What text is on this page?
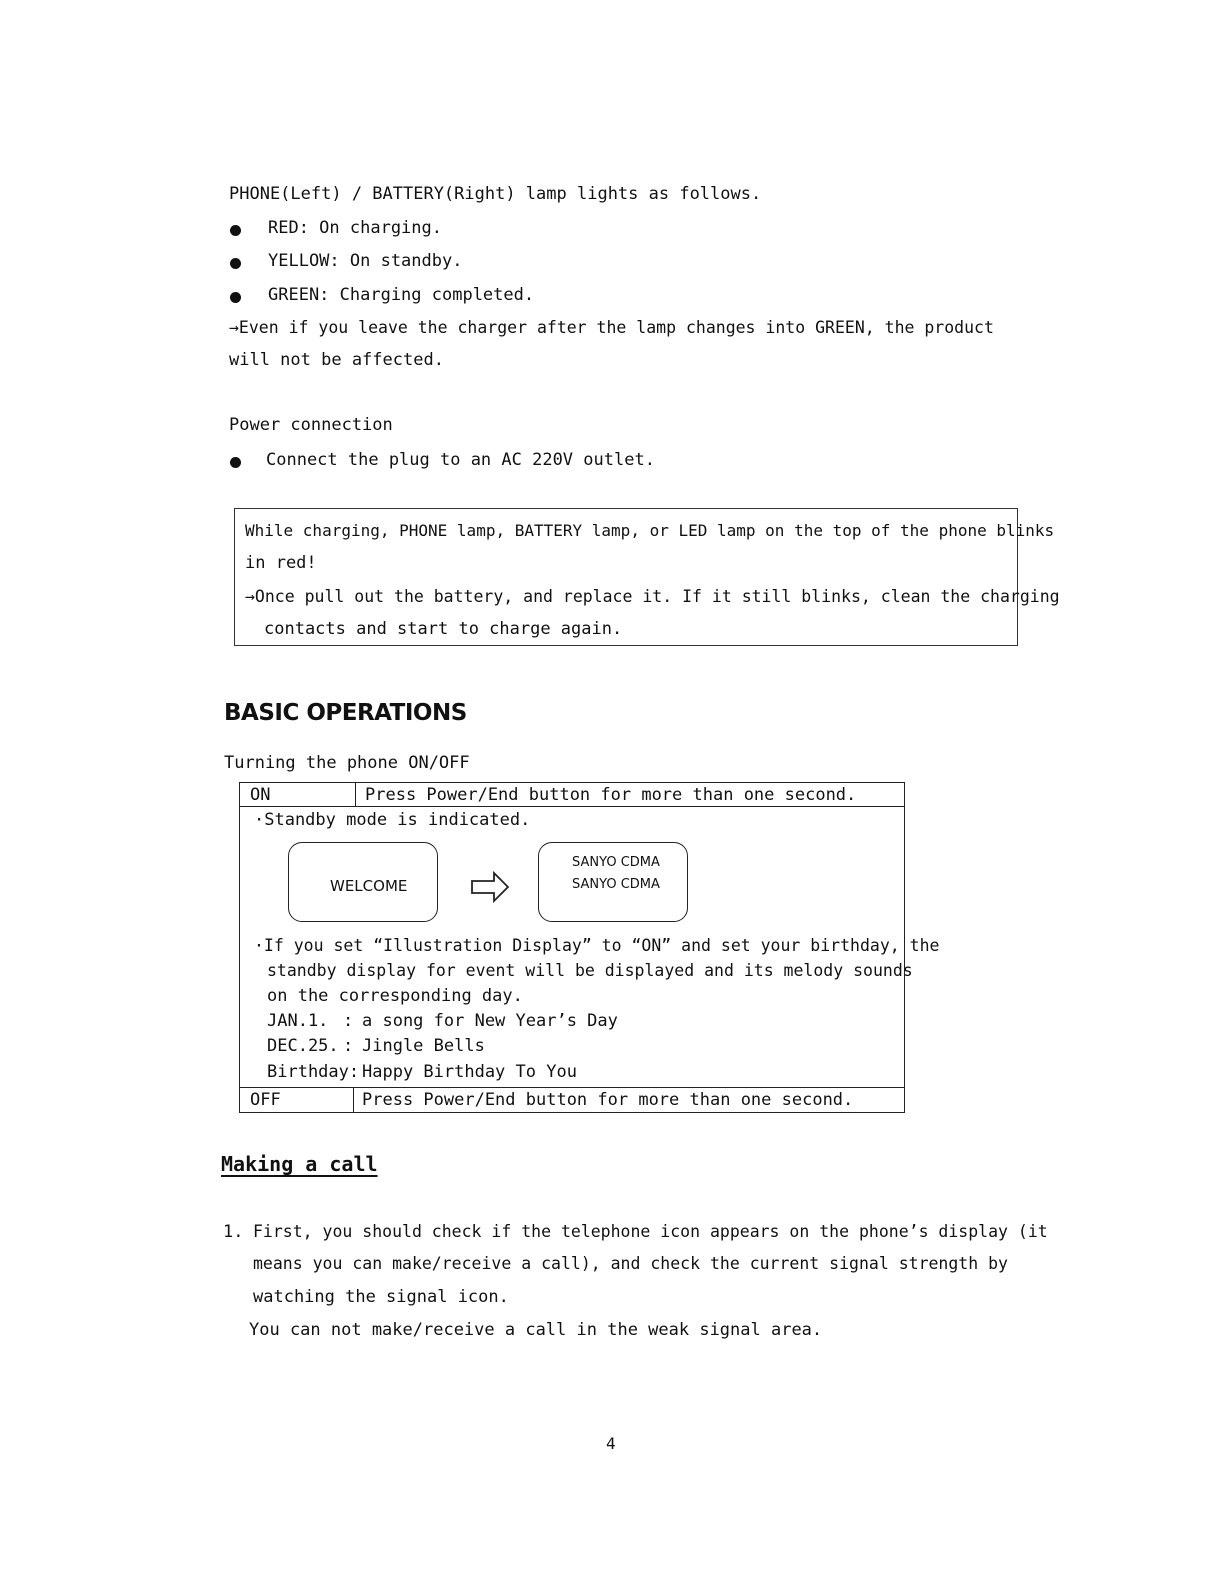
PHONE(Left) / BATTERY(Right) lamp lights as follows.
RED: On charging.
YELLOW: On standby.
GREEN: Charging completed.
→Even if you leave the charger after the lamp changes into GREEN, the product
will not be affected.
Power connection
Connect the plug to an AC 220V outlet.
While charging, PHONE lamp, BATTERY lamp, or LED lamp on the top of the phone blinks
in red!
→Once pull out the battery, and replace it. If it still blinks, clean the charging
contacts and start to charge again.
BASIC OPERATIONS
Turning the phone ON/OFF
ON	Press Power/End button for more than one second.
·Standby mode is indicated.
·If you set “Illustration Display” to “ON” and set your birthday, the
standby display for event will be displayed and its melody sounds
on the corresponding day.
JAN.1. : a song for New Year’s Day
DEC.25. : Jingle Bells
Birthday: Happy Birthday To You
OFF	Press Power/End button for more than one second.
WELCOME
SANYO CDMA
SANYO CDMA
Making a call
1. First, you should check if the telephone icon appears on the phone’s display (it
means you can make/receive a call), and check the current signal strength by
watching the signal icon.
You can not make/receive a call in the weak signal area.
4
